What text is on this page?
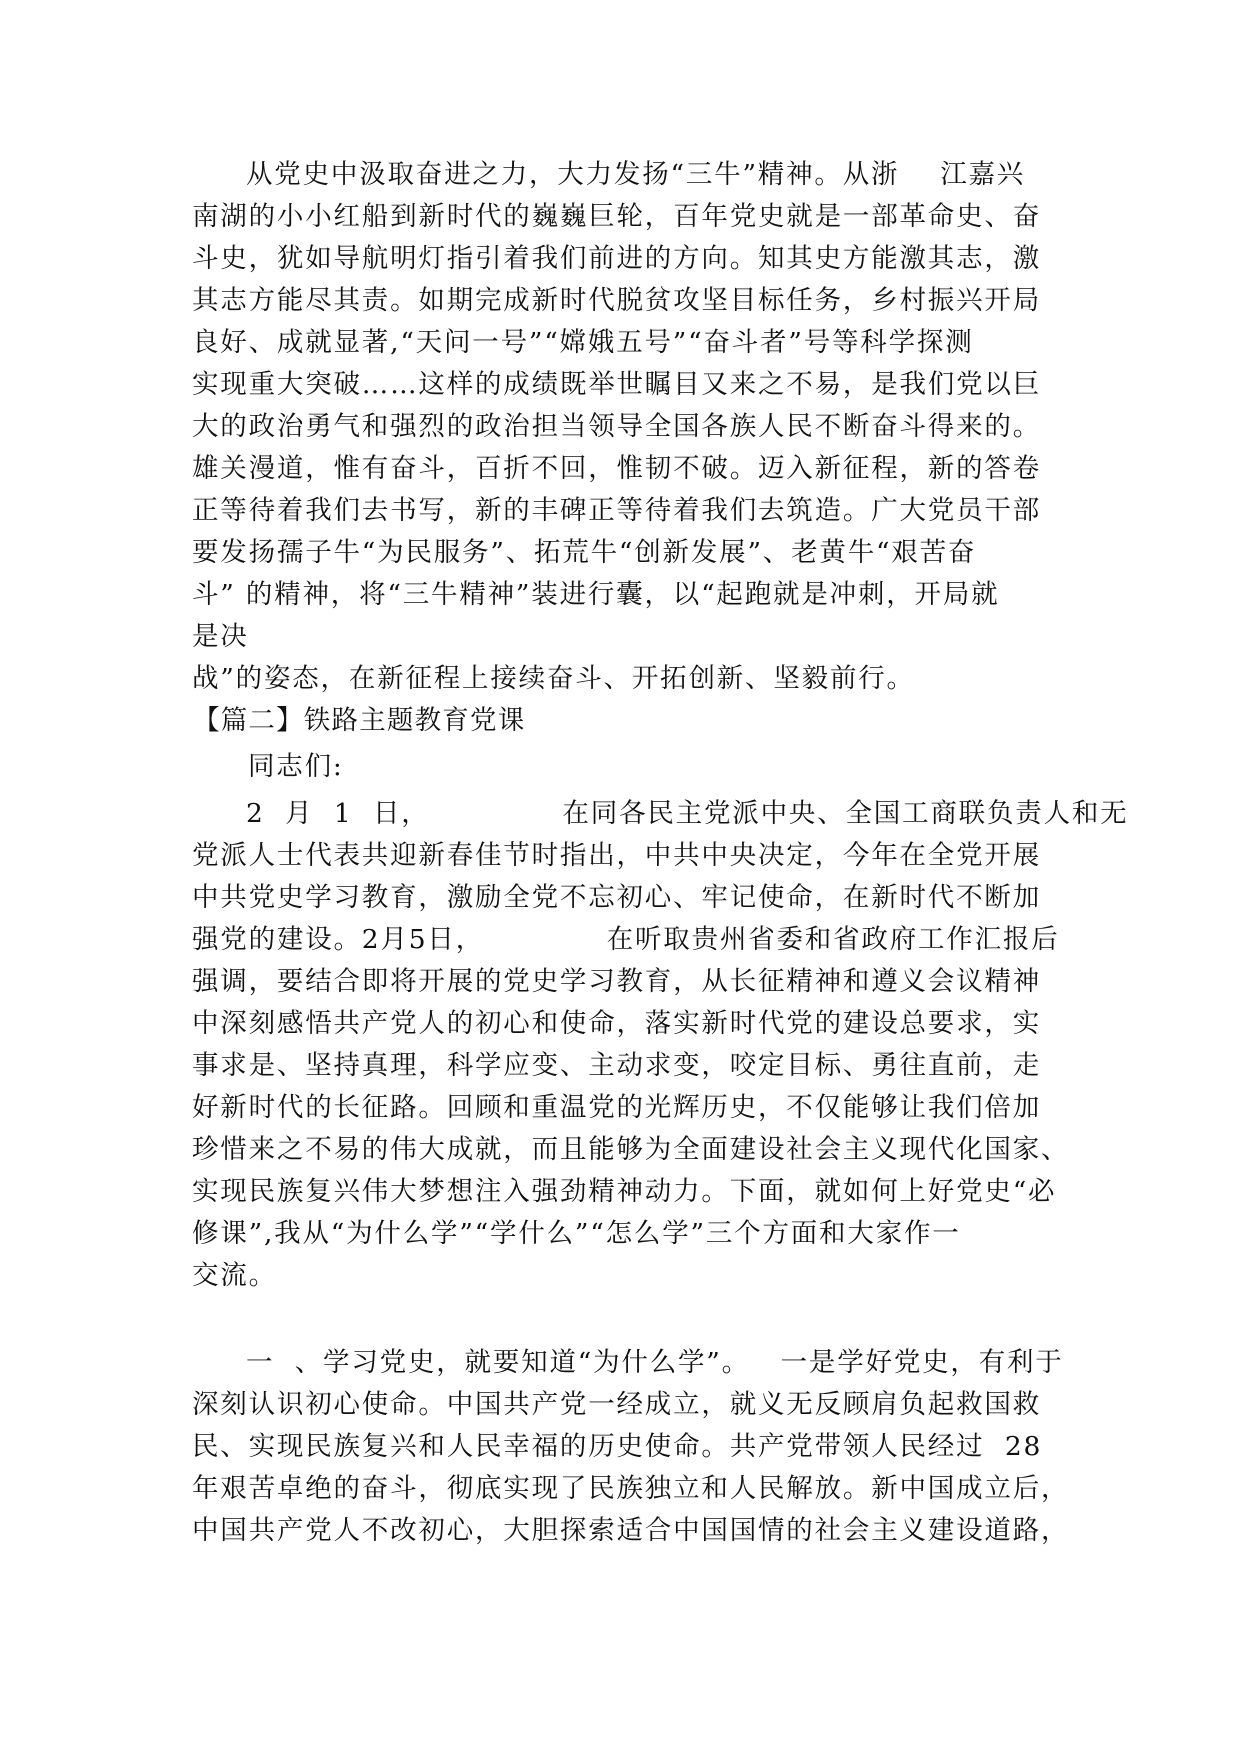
从党史中汲取奋进之力，大力发扬“三牛”精神。从浙    江嘉兴
南湖的小小红船到新时代的巍巍巨轮，百年党史就是一部革命史、奋
斗史，犹如导航明灯指引着我们前进的方向。知其史方能激其志，激
其志方能尽其责。如期完成新时代脱贫攻坚目标任务，乡村振兴开局
良好、成就显著,“天问一号”“嫦娥五号”“奋斗者”号等科学探测
实现重大突破……这样的成绩既举世瞩目又来之不易，是我们党以巨
大的政治勇气和强烈的政治担当领导全国各族人民不断奋斗得来的。
雄关漫道，惟有奋斗，百折不回，惟韧不破。迈入新征程，新的答卷
正等待着我们去书写，新的丰碑正等待着我们去筑造。广大党员干部
要发扬孺子牛“为民服务”、拓荒牛“创新发展”、老黄牛“艰苦奋
斗” 的精神，将“三牛精神”装进行囊，以“起跑就是冲刺，开局就
是决
战”的姿态，在新征程上接续奋斗、开拓创新、坚毅前行。
【篇二】铁路主题教育党课
同志们:
2  月  1  日，             在同各民主党派中央、全国工商联负责人和无
党派人士代表共迎新春佳节时指出，中共中央决定，今年在全党开展
中共党史学习教育，激励全党不忘初心、牢记使命，在新时代不断加
强党的建设。2月5日，            在听取贵州省委和省政府工作汇报后
强调，要结合即将开展的党史学习教育，从长征精神和遵义会议精神
中深刻感悟共产党人的初心和使命，落实新时代党的建设总要求，实
事求是、坚持真理，科学应变、主动求变，咬定目标、勇往直前，走
好新时代的长征路。回顾和重温党的光辉历史，不仅能够让我们倍加
珍惜来之不易的伟大成就，而且能够为全面建设社会主义现代化国家、
实现民族复兴伟大梦想注入强劲精神动力。下面，就如何上好党史“必
修课”,我从“为什么学”“学什么”“怎么学”三个方面和大家作一
交流。
一  、学习党史，就要知道“为什么学”。   一是学好党史，有利于
深刻认识初心使命。中国共产党一经成立，就义无反顾肩负起救国救
民、实现民族复兴和人民幸福的历史使命。共产党带领人民经过  28
年艰苦卓绝的奋斗，彻底实现了民族独立和人民解放。新中国成立后，
中国共产党人不改初心，大胆探索适合中国国情的社会主义建设道路，
